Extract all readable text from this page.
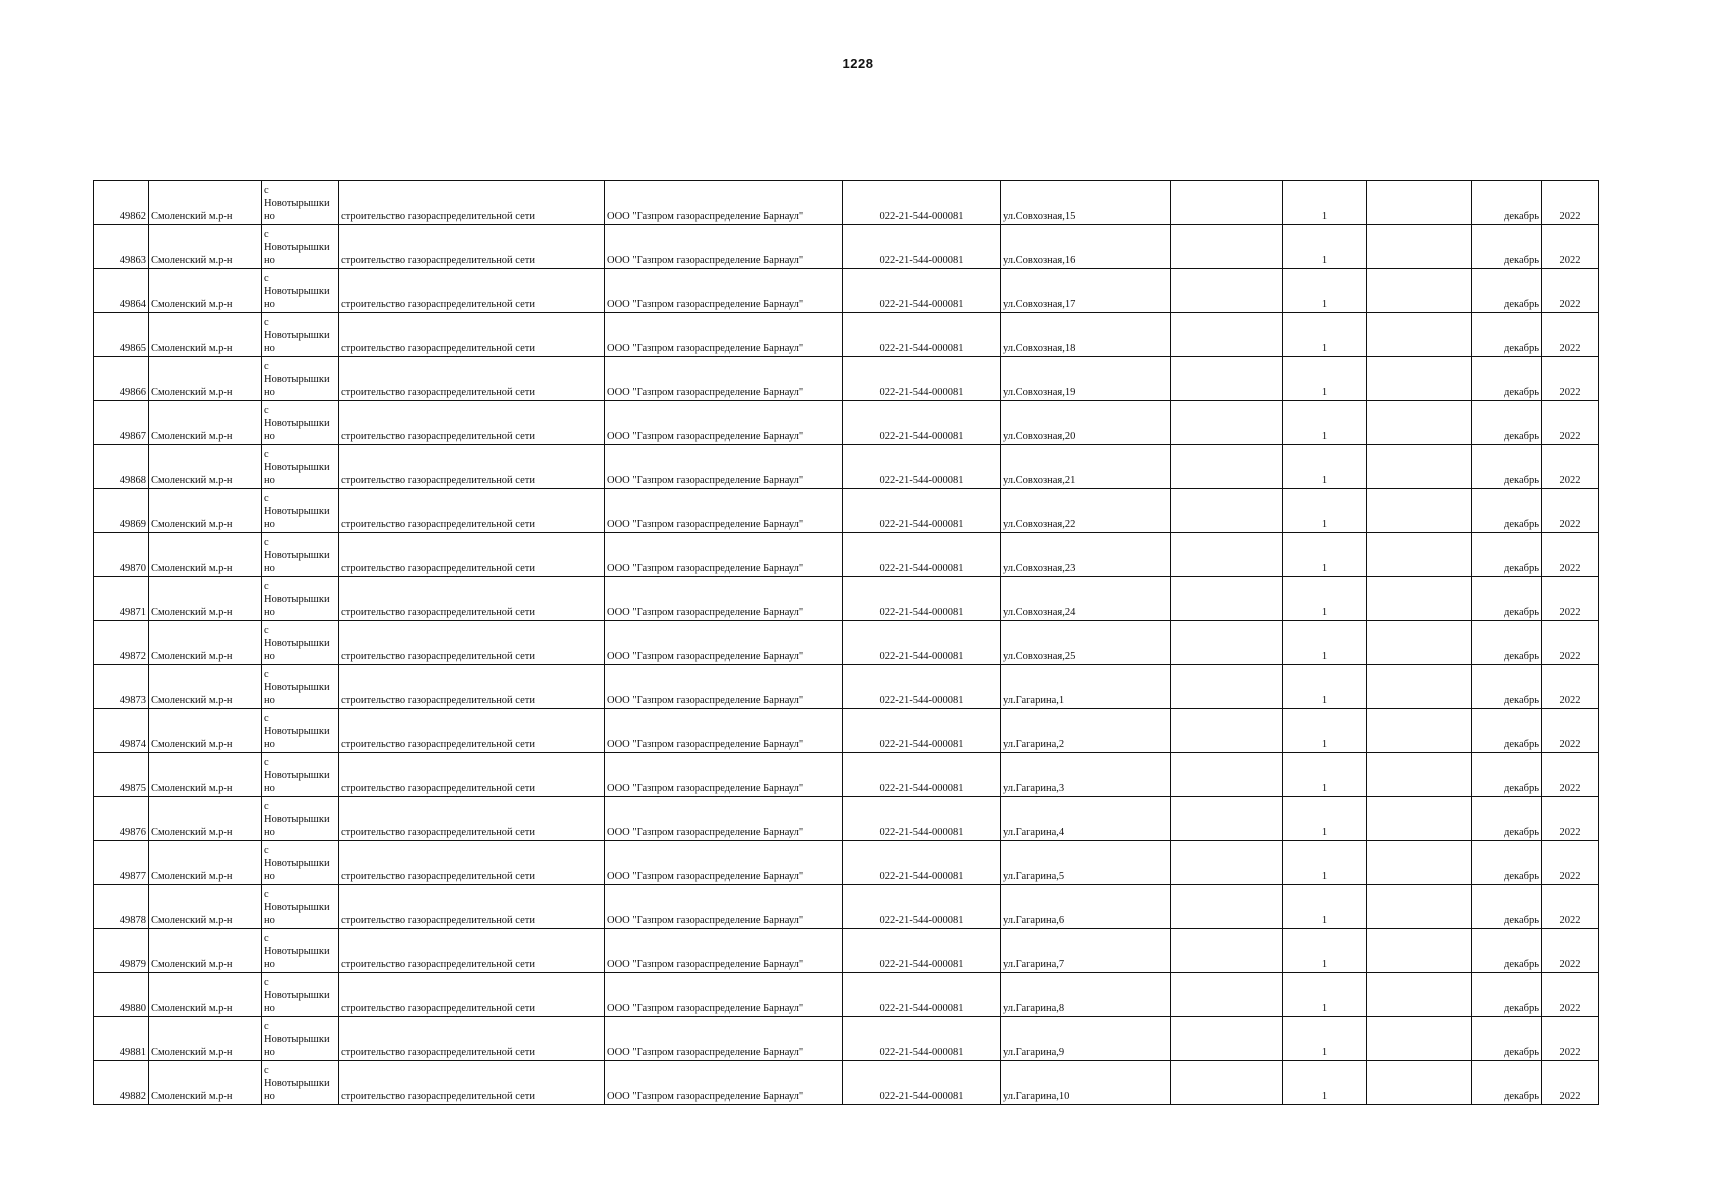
1228
49862	Смоленский м.р-н	с
Новотырышки
но	строительство газораспределительной сети	ООО "Газпром газораспределение Барнаул"	022-21-544-000081	ул.Совхозная,15		1		декабрь	2022
49863	Смоленский м.р-н	с
Новотырышки
но	строительство газораспределительной сети	ООО "Газпром газораспределение Барнаул"	022-21-544-000081	ул.Совхозная,16		1		декабрь	2022
49864	Смоленский м.р-н	с
Новотырышки
но	строительство газораспределительной сети	ООО "Газпром газораспределение Барнаул"	022-21-544-000081	ул.Совхозная,17		1		декабрь	2022
49865	Смоленский м.р-н	с
Новотырышки
но	строительство газораспределительной сети	ООО "Газпром газораспределение Барнаул"	022-21-544-000081	ул.Совхозная,18		1		декабрь	2022
49866	Смоленский м.р-н	с
Новотырышки
но	строительство газораспределительной сети	ООО "Газпром газораспределение Барнаул"	022-21-544-000081	ул.Совхозная,19		1		декабрь	2022
49867	Смоленский м.р-н	с
Новотырышки
но	строительство газораспределительной сети	ООО "Газпром газораспределение Барнаул"	022-21-544-000081	ул.Совхозная,20		1		декабрь	2022
49868	Смоленский м.р-н	с
Новотырышки
но	строительство газораспределительной сети	ООО "Газпром газораспределение Барнаул"	022-21-544-000081	ул.Совхозная,21		1		декабрь	2022
49869	Смоленский м.р-н	с
Новотырышки
но	строительство газораспределительной сети	ООО "Газпром газораспределение Барнаул"	022-21-544-000081	ул.Совхозная,22		1		декабрь	2022
49870	Смоленский м.р-н	с
Новотырышки
но	строительство газораспределительной сети	ООО "Газпром газораспределение Барнаул"	022-21-544-000081	ул.Совхозная,23		1		декабрь	2022
49871	Смоленский м.р-н	с
Новотырышки
но	строительство газораспределительной сети	ООО "Газпром газораспределение Барнаул"	022-21-544-000081	ул.Совхозная,24		1		декабрь	2022
49872	Смоленский м.р-н	с
Новотырышки
но	строительство газораспределительной сети	ООО "Газпром газораспределение Барнаул"	022-21-544-000081	ул.Совхозная,25		1		декабрь	2022
49873	Смоленский м.р-н	с
Новотырышки
но	строительство газораспределительной сети	ООО "Газпром газораспределение Барнаул"	022-21-544-000081	ул.Гагарина,1		1		декабрь	2022
49874	Смоленский м.р-н	с
Новотырышки
но	строительство газораспределительной сети	ООО "Газпром газораспределение Барнаул"	022-21-544-000081	ул.Гагарина,2		1		декабрь	2022
49875	Смоленский м.р-н	с
Новотырышки
но	строительство газораспределительной сети	ООО "Газпром газораспределение Барнаул"	022-21-544-000081	ул.Гагарина,3		1		декабрь	2022
49876	Смоленский м.р-н	с
Новотырышки
но	строительство газораспределительной сети	ООО "Газпром газораспределение Барнаул"	022-21-544-000081	ул.Гагарина,4		1		декабрь	2022
49877	Смоленский м.р-н	с
Новотырышки
но	строительство газораспределительной сети	ООО "Газпром газораспределение Барнаул"	022-21-544-000081	ул.Гагарина,5		1		декабрь	2022
49878	Смоленский м.р-н	с
Новотырышки
но	строительство газораспределительной сети	ООО "Газпром газораспределение Барнаул"	022-21-544-000081	ул.Гагарина,6		1		декабрь	2022
49879	Смоленский м.р-н	с
Новотырышки
но	строительство газораспределительной сети	ООО "Газпром газораспределение Барнаул"	022-21-544-000081	ул.Гагарина,7		1		декабрь	2022
49880	Смоленский м.р-н	с
Новотырышки
но	строительство газораспределительной сети	ООО "Газпром газораспределение Барнаул"	022-21-544-000081	ул.Гагарина,8		1		декабрь	2022
49881	Смоленский м.р-н	с
Новотырышки
но	строительство газораспределительной сети	ООО "Газпром газораспределение Барнаул"	022-21-544-000081	ул.Гагарина,9		1		декабрь	2022
49882	Смоленский м.р-н	с
Новотырышки
но	строительство газораспределительной сети	ООО "Газпром газораспределение Барнаул"	022-21-544-000081	ул.Гагарина,10		1		декабрь	2022
